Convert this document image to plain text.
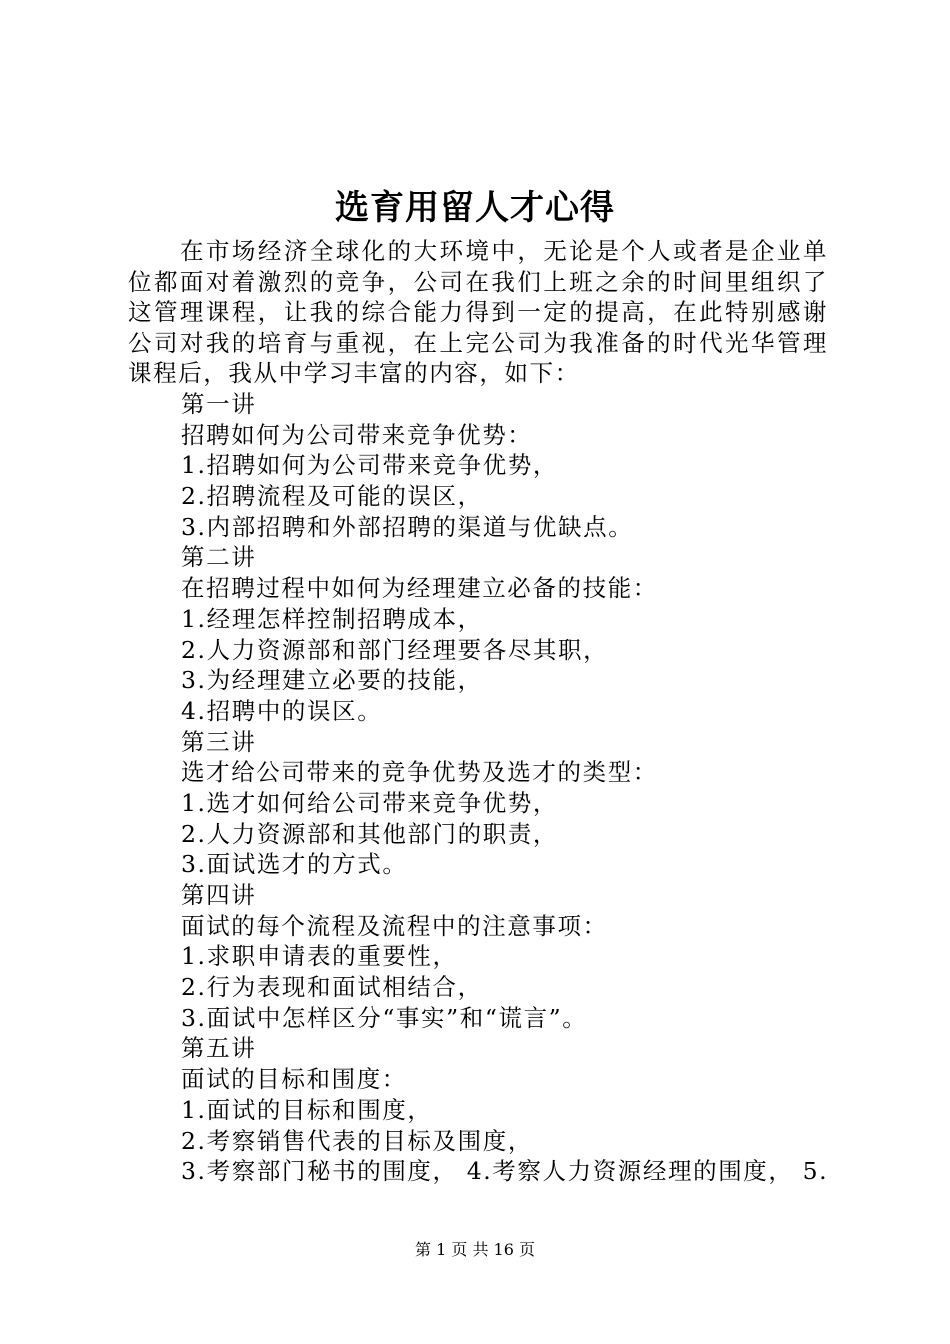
选育用留人才心得
在市场经济全球化的大环境中，无论是个人或者是企业单位都面对着激烈的竞争，公司在我们上班之余的时间里组织了这管理课程，让我的综合能力得到一定的提高，在此特别感谢公司对我的培育与重视，在上完公司为我准备的时代光华管理课程后，我从中学习丰富的内容，如下：
第一讲
招聘如何为公司带来竞争优势：
1.招聘如何为公司带来竞争优势，
2.招聘流程及可能的误区，
3.内部招聘和外部招聘的渠道与优缺点。
第二讲
在招聘过程中如何为经理建立必备的技能：
1.经理怎样控制招聘成本，
2.人力资源部和部门经理要各尽其职，
3.为经理建立必要的技能，
4.招聘中的误区。
第三讲
选才给公司带来的竞争优势及选才的类型：
1.选才如何给公司带来竞争优势，
2.人力资源部和其他部门的职责，
3.面试选才的方式。
第四讲
面试的每个流程及流程中的注意事项：
1.求职申请表的重要性，
2.行为表现和面试相结合，
3.面试中怎样区分“事实”和“谎言”。
第五讲
面试的目标和围度：
1.面试的目标和围度，
2.考察销售代表的目标及围度，
3.考察部门秘书的围度， 4.考察人力资源经理的围度， 5.
第 1 页 共 16 页
